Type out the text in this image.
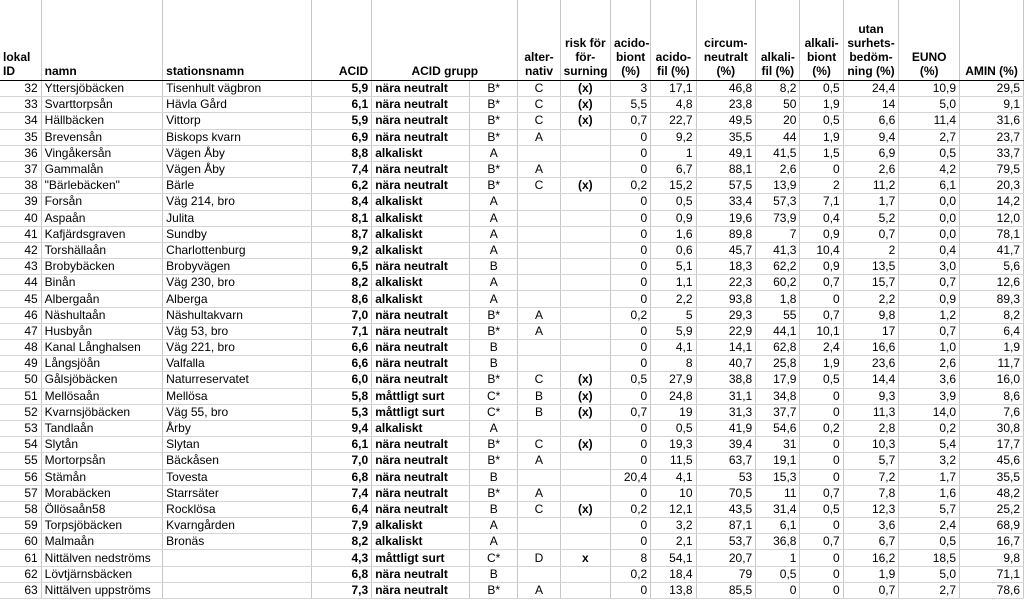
lokal ID	namn	stationsnamn	ACID	ACID grupp		alter-nativ	risk för för-surning	acido-biont (%)	acido-fil (%)	circum-neutralt (%)	alkali-fil (%)	alkali-biont (%)	utan surhets-bedöm-ning (%)	EUNO (%)	AMIN (%)
32	Yttersjöbäcken	Tisenhult vägbron	5,9	nära neutralt	B*	C	(x)	3	17,1	46,8	8,2	0,5	24,4	10,9	29,5
33	Svarttorpsån	Hävla Gård	6,1	nära neutralt	B*	C	(x)	5,5	4,8	23,8	50	1,9	14	5,0	9,1
34	Hällbäcken	Vittorp	5,9	nära neutralt	B*	C	(x)	0,7	22,7	49,5	20	0,5	6,6	11,4	31,6
35	Brevensån	Biskops kvarn	6,9	nära neutralt	B*	A		0	9,2	35,5	44	1,9	9,4	2,7	23,7
36	Vingåkersån	Vägen Åby	8,8	alkaliskt	A			0	1	49,1	41,5	1,5	6,9	0,5	33,7
37	Gammalån	Vägen Åby	7,4	nära neutralt	B*	A		0	6,7	88,1	2,6	0	2,6	4,2	79,5
38	"Bärlebäcken"	Bärle	6,2	nära neutralt	B*	C	(x)	0,2	15,2	57,5	13,9	2	11,2	6,1	20,3
39	Forsån	Väg 214, bro	8,4	alkaliskt	A			0	0,5	33,4	57,3	7,1	1,7	0,0	14,2
40	Aspaån	Julita	8,1	alkaliskt	A			0	0,9	19,6	73,9	0,4	5,2	0,0	12,0
41	Kafjärdsgraven	Sundby	8,7	alkaliskt	A			0	1,6	89,8	7	0,9	0,7	0,0	78,1
42	Torshällaån	Charlottenburg	9,2	alkaliskt	A			0	0,6	45,7	41,3	10,4	2	0,4	41,7
43	Brobybäcken	Brobyvägen	6,5	nära neutralt	B			0	5,1	18,3	62,2	0,9	13,5	3,0	5,6
44	Binån	Väg 230, bro	8,2	alkaliskt	A			0	1,1	22,3	60,2	0,7	15,7	0,7	12,6
45	Albergaån	Alberga	8,6	alkaliskt	A			0	2,2	93,8	1,8	0	2,2	0,9	89,3
46	Näshultaån	Näshultakvarn	7,0	nära neutralt	B*	A		0,2	5	29,3	55	0,7	9,8	1,2	8,2
47	Husbyån	Väg 53, bro	7,1	nära neutralt	B*	A		0	5,9	22,9	44,1	10,1	17	0,7	6,4
48	Kanal Långhalsen	Väg 221, bro	6,6	nära neutralt	B			0	4,1	14,1	62,8	2,4	16,6	1,0	1,9
49	Långsjöån	Valfalla	6,6	nära neutralt	B			0	8	40,7	25,8	1,9	23,6	2,6	11,7
50	Gålsjöbäcken	Naturreservatet	6,0	nära neutralt	B*	C	(x)	0,5	27,9	38,8	17,9	0,5	14,4	3,6	16,0
51	Mellösaån	Mellösa	5,8	måttligt surt	C*	B	(x)	0	24,8	31,1	34,8	0	9,3	3,9	8,6
52	Kvarnsjöbäcken	Väg 55, bro	5,3	måttligt surt	C*	B	(x)	0,7	19	31,3	37,7	0	11,3	14,0	7,6
53	Tandlaån	Årby	9,4	alkaliskt	A			0	0,5	41,9	54,6	0,2	2,8	0,2	30,8
54	Slytån	Slytan	6,1	nära neutralt	B*	C	(x)	0	19,3	39,4	31	0	10,3	5,4	17,7
55	Mortorpsån	Bäckåsen	7,0	nära neutralt	B*	A		0	11,5	63,7	19,1	0	5,7	3,2	45,6
56	Stämån	Tovesta	6,8	nära neutralt	B			20,4	4,1	53	15,3	0	7,2	1,7	35,5
57	Morabäcken	Starrsäter	7,4	nära neutralt	B*	A		0	10	70,5	11	0,7	7,8	1,6	48,2
58	Öllösaån58	Rocklösa	6,4	nära neutralt	B	C	(x)	0,2	12,1	43,5	31,4	0,5	12,3	5,7	25,2
59	Torpsjöbäcken	Kvarngården	7,9	alkaliskt	A			0	3,2	87,1	6,1	0	3,6	2,4	68,9
60	Malmaån	Bronäs	8,2	alkaliskt	A			0	2,1	53,7	36,8	0,7	6,7	0,5	16,7
61	Nittälven nedströms		4,3	måttligt surt	C*	D	x	8	54,1	20,7	1	0	16,2	18,5	9,8
62	Lövtjärnsbäcken		6,8	nära neutralt	B			0,2	18,4	79	0,5	0	1,9	5,0	71,1
63	Nittälven uppströms		7,3	nära neutralt	B*	A		0	13,8	85,5	0	0	0,7	2,7	78,6
